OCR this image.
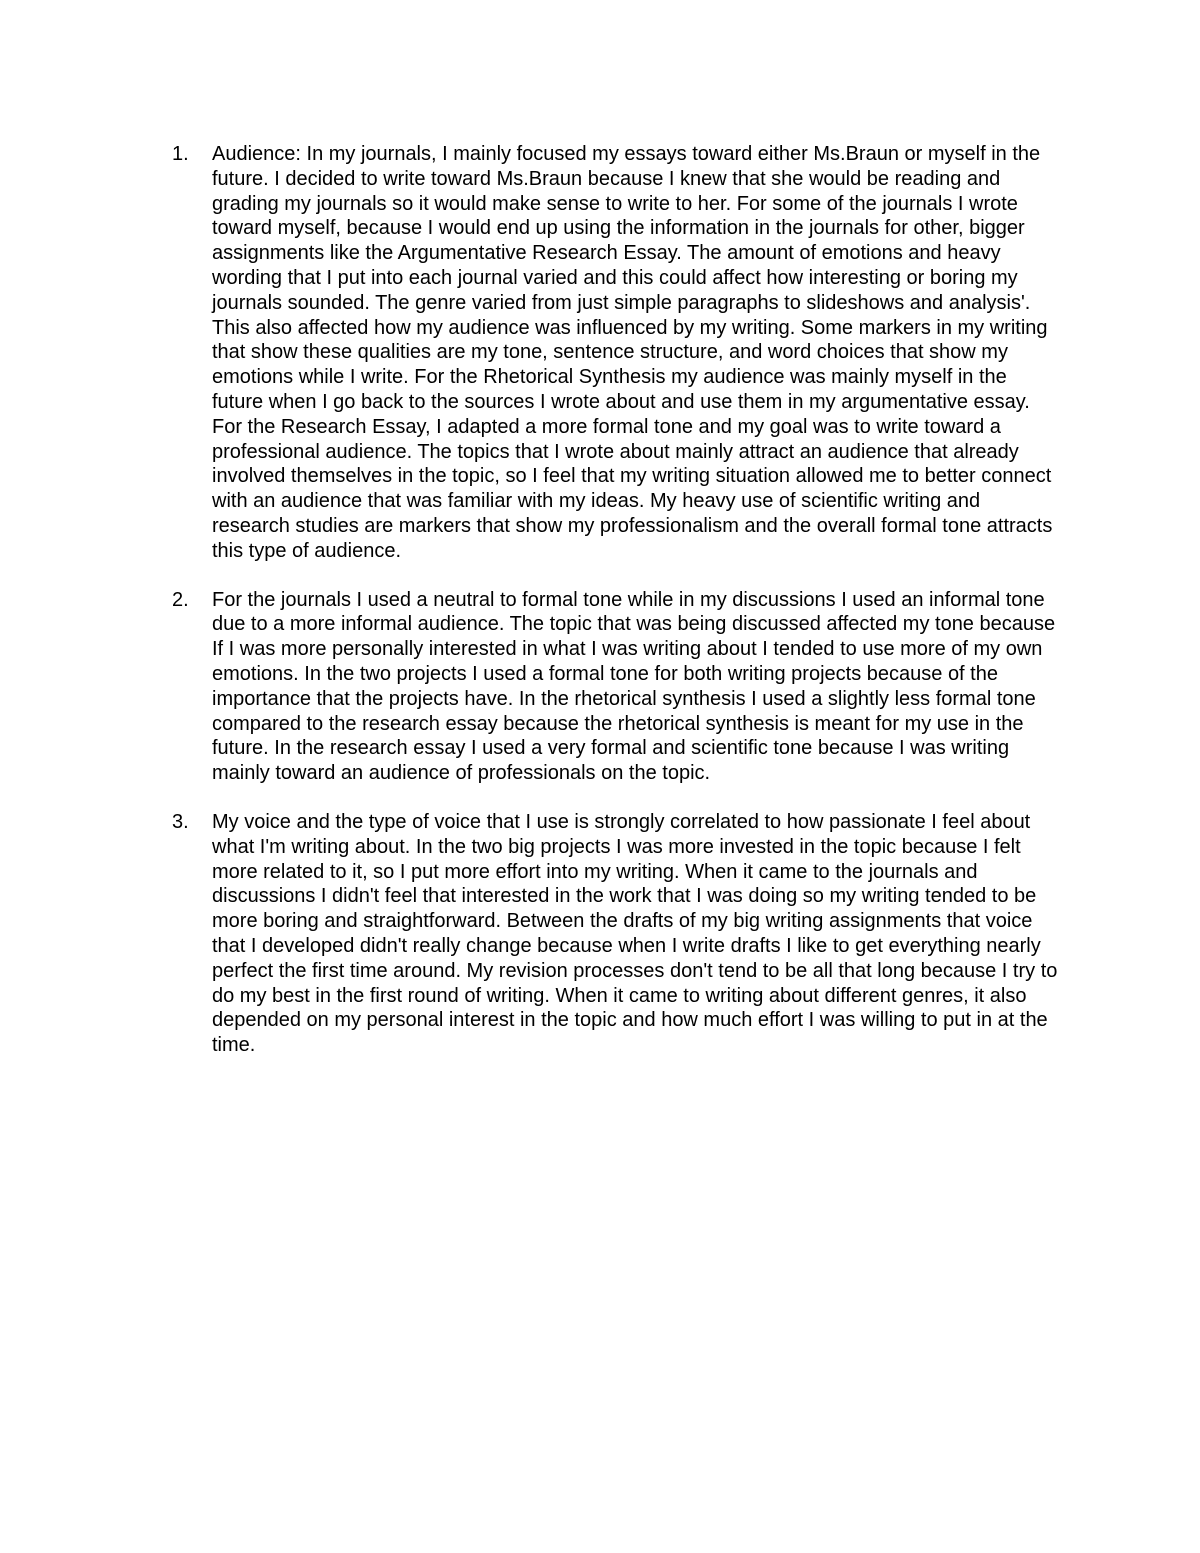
1.	Audience: In my journals, I mainly focused my essays toward either Ms.Braun or myself in the future. I decided to write toward Ms.Braun because I knew that she would be reading and grading my journals so it would make sense to write to her. For some of the journals I wrote toward myself, because I would end up using the information in the journals for other, bigger assignments like the Argumentative Research Essay. The amount of emotions and heavy wording that I put into each journal varied and this could affect how interesting or boring my journals sounded. The genre varied from just simple paragraphs to slideshows and analysis'. This also affected how my audience was influenced by my writing. Some markers in my writing that show these qualities are my tone, sentence structure, and word choices that show my emotions while I write. For the Rhetorical Synthesis my audience was mainly myself in the future when I go back to the sources I wrote about and use them in my argumentative essay. For the Research Essay, I adapted a more formal tone and my goal was to write toward a professional audience. The topics that I wrote about mainly attract an audience that already involved themselves in the topic, so I feel that my writing situation allowed me to better connect with an audience that was familiar with my ideas. My heavy use of scientific writing and research studies are markers that show my professionalism and the overall formal tone attracts this type of audience.

2.	For the journals I used a neutral to formal tone while in my discussions I used an informal tone due to a more informal audience. The topic that was being discussed affected my tone because If I was more personally interested in what I was writing about I tended to use more of my own emotions. In the two projects I used a formal tone for both writing projects because of the importance that the projects have. In the rhetorical synthesis I used a slightly less formal tone compared to the research essay because the rhetorical synthesis is meant for my use in the future. In the research essay I used a very formal and scientific tone because I was writing mainly toward an audience of professionals on the topic.

3.	My voice and the type of voice that I use is strongly correlated to how passionate I feel about what I'm writing about. In the two big projects I was more invested in the topic because I felt more related to it, so I put more effort into my writing. When it came to the journals and discussions I didn't feel that interested in the work that I was doing so my writing tended to be more boring and straightforward. Between the drafts of my big writing assignments that voice that I developed didn't really change because when I write drafts I like to get everything nearly perfect the first time around. My revision processes don't tend to be all that long because I try to do my best in the first round of writing. When it came to writing about different genres, it also depended on my personal interest in the topic and how much effort I was willing to put in at the time.
